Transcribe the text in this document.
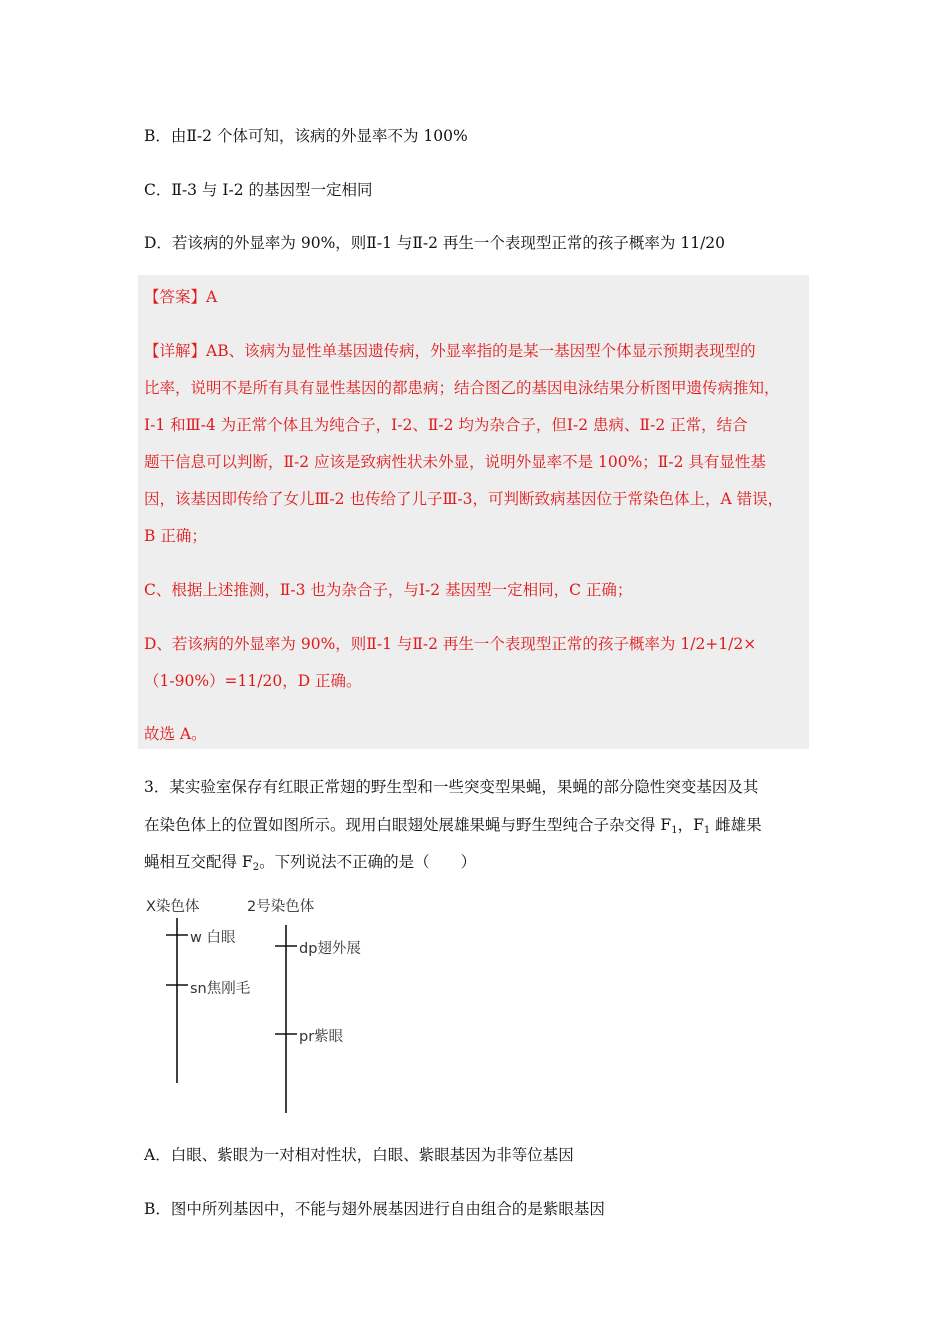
B．由Ⅱ-2 个体可知，该病的外显率不为 100%
C．Ⅱ-3 与 I-2 的基因型一定相同
D．若该病的外显率为 90%，则Ⅱ-1 与Ⅱ-2 再生一个表现型正常的孩子概率为 11/20
【答案】A
【详解】AB、该病为显性单基因遗传病，外显率指的是某一基因型个体显示预期表现型的
比率，说明不是所有具有显性基因的都患病；结合图乙的基因电泳结果分析图甲遗传病推知，
Ⅰ-1 和Ⅲ-4 为正常个体且为纯合子，I-2、Ⅱ-2 均为杂合子，但Ⅰ-2 患病、Ⅱ-2 正常，结合
题干信息可以判断，Ⅱ-2 应该是致病性状未外显，说明外显率不是 100%；Ⅱ-2 具有显性基
因，该基因即传给了女儿Ⅲ-2 也传给了儿子Ⅲ-3，可判断致病基因位于常染色体上，A 错误，
B 正确；
C、根据上述推测，Ⅱ-3 也为杂合子，与Ⅰ-2 基因型一定相同，C 正确；
D、若该病的外显率为 90%，则Ⅱ-1 与Ⅱ-2 再生一个表现型正常的孩子概率为 1/2+1/2×
（1-90%）=11/20，D 正确。
故选 A。
3．某实验室保存有红眼正常翅的野生型和一些突变型果蝇，果蝇的部分隐性突变基因及其
在染色体上的位置如图所示。现用白眼翅处展雄果蝇与野生型纯合子杂交得 $F_1$，$F_1$ 雌雄果
蝇相互交配得 $F_2$。下列说法不正确的是（　　）
X染色体	2号染色体
w 白眼
sn焦刚毛
dp翅外展
pr紫眼
A．白眼、紫眼为一对相对性状，白眼、紫眼基因为非等位基因
B．图中所列基因中，不能与翅外展基因进行自由组合的是紫眼基因
